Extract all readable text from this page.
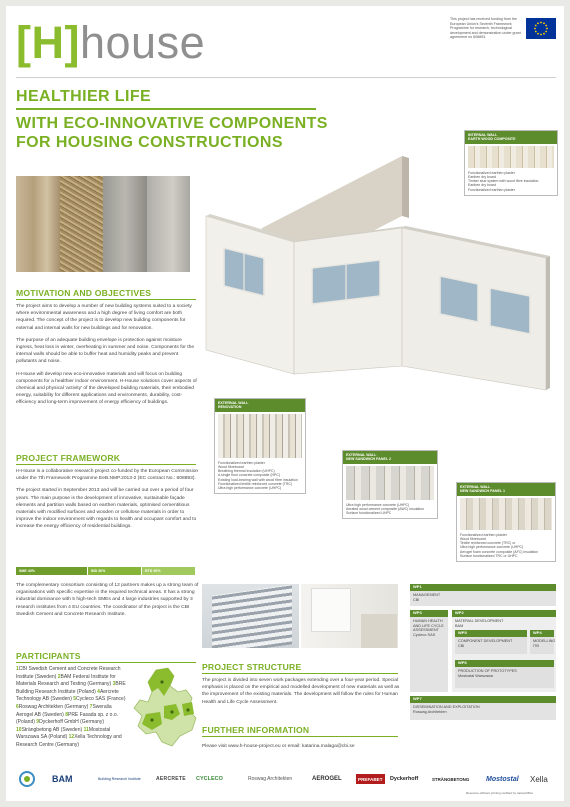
[H]house	This project has received funding from the European Union's Seventh Framework Programme for research, technological development and demonstration under grant agreement no 608893.
HEALTHIER LIFE
WITH ECO-INNOVATIVE COMPONENTS FOR HOUSING CONSTRUCTIONS	INTERNAL WALL
EARTH WOOD COMPOSITE
Functionalized earthen plaster
Earthen dry board
Timber stud system with wood fibre insulation
Earthen dry board
Functionalized earthen plaster
EXTERNAL WALL
RENOVATION
Functionalized earthen plaster
Wood fibreboard
Breathing thermal insulation (UHPC)
A single floor concrete composite (HPC)
Existing load-bearing wall with wood fibre insulation
Functionalized textile reinforced concrete (TRC)
Ultra high performance concrete (UHPC)
EXTERNAL WALL
NEW SANDWICH PANEL 2
Ultra high performance concrete (UHPC)
Aerated wood cement composite (AWC) insulation
Surface functionalized UHPC
EXTERNAL WALL
NEW SANDWICH PANEL 1
Functionalized earthen plaster
Wood fibreboard
Textile reinforced concrete (TRC) or
Ultra high performance concrete (UHPC)
Aerogel foam concrete composite (AFC) insulation
Surface functionalized TRC or UHPC
MOTIVATION AND OBJECTIVES

The project aims to develop a number of new building systems suited to a society where environmental awareness and a high degree of living comfort are both required. The concept of the project is to develop new building components for external and internal walls for new buildings and for renovation.

The purpose of an adequate building envelope is protection against moisture ingress, heat loss in winter, overheating in summer and noise. Components for the internal walls should be able to buffer heat and humidity peaks and prevent pollutants and noise.

H-House will develop new eco-innovative materials and will focus on building components for a healthier indoor environment. H-House solutions cover aspects of chemical and physical 'activity' of the developed building materials, their embodied energy, suitability for different applications and environments, durability, cost-efficiency and long-term improvement of energy efficiency of buildings.

PROJECT FRAMEWORK

H-House is a collaborative research project co-funded by the European Commission under the 7th Framework Programme EeB.NMP.2013-2 (EC contract No.: 608893).

The project started in September 2013 and will be carried out over a period of four years. The main purpose is the development of innovative, sustainable façade elements and partition walls based on earthen materials, optimised cementitious materials with modified surfaces and wooden or cellulose materials in order to improve the indoor environment with regards to health and occupant comfort and to increase the energy efficiency of residential buildings.

SME 40%	IND 30%	RTD 30%
The complementary consortium consisting of 12 partners makes up a strong team of organisations with specific expertise in the required technical areas. It has a strong industrial dominance with 5 high-tech SMEs and 4 large industries supported by 3 research institutes from 4 EU countries. The coordinator of the project is the CBI Swedish Cement and Concrete Research Institute.
PARTICIPANTS
1CBI Swedish Cement and Concrete Research Institute (Sweden) 2BAM Federal Institute for Materials Research and Testing (Germany) 3BRE Building Research Institute (Poland) 4Aercrete Technology AB (Sweden) 5Cycleco SAS (France) 6Roswag Architekten (Germany) 7Sweralia Aerogel AB (Sweden) 8PRE Fasada sp. z o.o. (Poland) 9Dyckerhoff GmbH (Germany) 10Strängbetong AB (Sweden) 11Mostostal Warszawa SA (Poland) 12Xella Technology and Research Centre (Germany)
PROJECT STRUCTURE
The project is divided into seven work packages extending over a four-year period. Special emphasis is placed on the empirical and modelled development of new materials as well as the improvement of the existing materials. The development will follow the rules for Human Health and Life Cycle Assessment.
FURTHER INFORMATION
Please visit www.h-house-project.eu or email: katarina.malaga@cbi.se
WP1
MANAGEMENT
CBI
WP3
HUMAN HEALTH AND LIFE CYCLE ASSESSMENT
Cycleco SAS
WP2
MATERIAL DEVELOPMENT
BAM
WP5
COMPONENT DEVELOPMENT
CBI
WP4
MODELLING
ITB
WP6
PRODUCTION OF PROTOTYPES
Mostostal Warszawa
WP7
DISSEMINATION AND EXPLOITATION
Roswag Architekten
BAM	Building Research Institute	AERCRETE CYCLECO	Roswag Architekten	AEROGEL	PREFABET	Dyckerhoff	STRÄNGBETONG Mostostal Xella
Resource efficient printing certified by natureOffice
